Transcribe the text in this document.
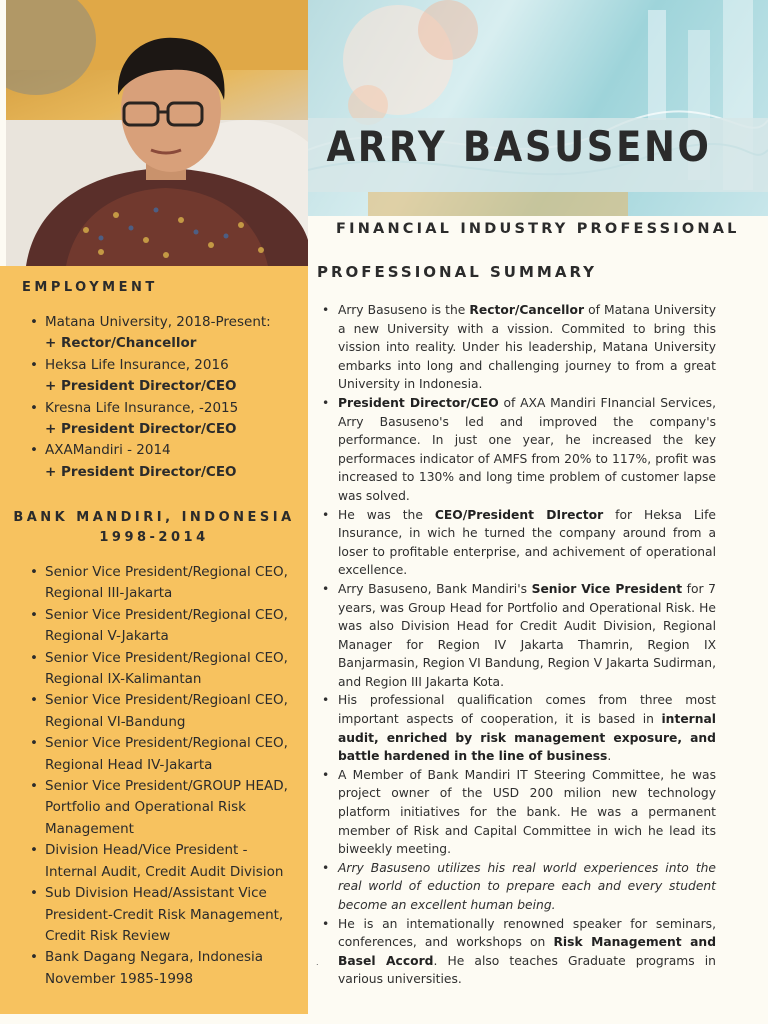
ARRY BASUSENO
FINANCIAL INDUSTRY PROFESSIONAL
EMPLOYMENT
• Matana University, 2018-Present:
+ Rector/Chancellor
• Heksa Life Insurance, 2016
+ President Director/CEO
• Kresna Life Insurance, -2015
+ President Director/CEO
• AXAMandiri - 2014
+ President Director/CEO
BANK MANDIRI, INDONESIA
1998-2014
• Senior Vice President/Regional CEO, Regional III-Jakarta
• Senior Vice President/Regional CEO, Regional V-Jakarta
• Senior Vice President/Regional CEO, Regional IX-Kalimantan
• Senior Vice President/Regioanl CEO, Regional VI-Bandung
• Senior Vice President/Regional CEO, Regional Head IV-Jakarta
• Senior Vice President/GROUP HEAD, Portfolio and Operational Risk Management
• Division Head/Vice President - Internal Audit, Credit Audit Division
• Sub Division Head/Assistant Vice President-Credit Risk Management, Credit Risk Review
• Bank Dagang Negara, Indonesia November 1985-1998
PROFESSIONAL SUMMARY
• Arry Basuseno is the Rector/Cancellor of Matana University a new University with a vission. Commited to bring this vission into reality. Under his leadership, Matana University embarks into long and challenging journey to from a great University in Indonesia.
• President Director/CEO of AXA Mandiri FInancial Services, Arry Basuseno's led and improved the company's performance. In just one year, he increased the key performaces indicator of AMFS from 20% to 117%, profit was increased to 130% and long time problem of customer lapse was solved.
• He was the CEO/President DIrector for Heksa Life Insurance, in wich he turned the company around from a loser to profitable enterprise, and achivement of operational excellence.
• Arry Basuseno, Bank Mandiri's Senior Vice President for 7 years, was Group Head for Portfolio and Operational Risk. He was also Division Head for Credit Audit Division, Regional Manager for Region IV Jakarta Thamrin, Region IX Banjarmasin, Region VI Bandung, Region V Jakarta Sudirman, and Region III Jakarta Kota.
• His professional qualification comes from three most important aspects of cooperation, it is based in internal audit, enriched by risk management exposure, and battle hardened in the line of business.
• A Member of Bank Mandiri IT Steering Committee, he was project owner of the USD 200 milion new technology platform initiatives for the bank. He was a permanent member of Risk and Capital Committee in wich he lead its biweekly meeting.
• Arry Basuseno utilizes his real world experiences into the real world of eduction to prepare each and every student become an excellent human being.
• He is an intemationally renowned speaker for seminars, conferences, and workshops on Risk Management and Basel Accord. He also teaches Graduate programs in various universities.
.
